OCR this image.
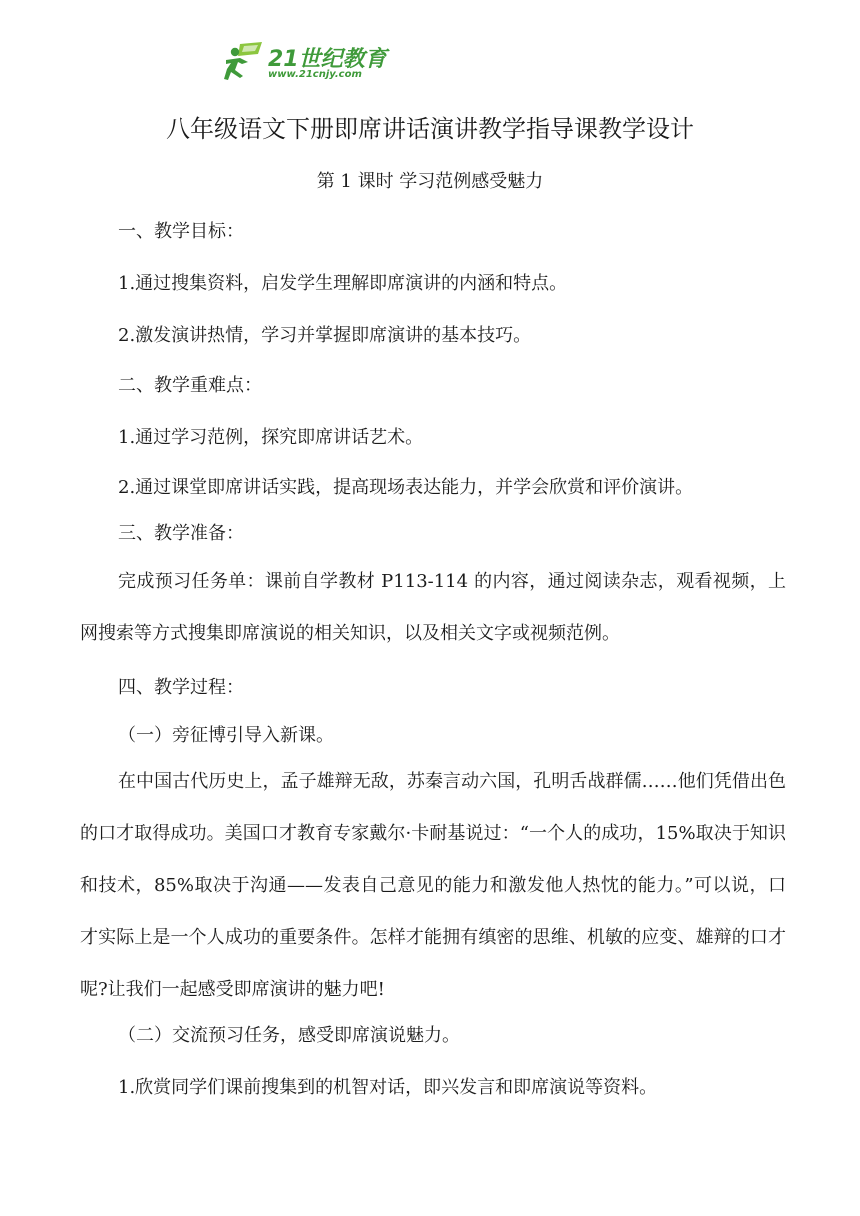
21世纪教育
www.21cnjy.com
八年级语文下册即席讲话演讲教学指导课教学设计
第 1 课时 学习范例感受魅力
一、教学目标：
1.通过搜集资料，启发学生理解即席演讲的内涵和特点。
2.激发演讲热情，学习并掌握即席演讲的基本技巧。
二、教学重难点：
1.通过学习范例，探究即席讲话艺术。
2.通过课堂即席讲话实践，提高现场表达能力，并学会欣赏和评价演讲。
三、教学准备：
完成预习任务单：课前自学教材 P113-114 的内容，通过阅读杂志，观看视频，上网搜索等方式搜集即席演说的相关知识，以及相关文字或视频范例。
四、教学过程：
（一）旁征博引导入新课。
在中国古代历史上，孟子雄辩无敌，苏秦言动六国，孔明舌战群儒……他们凭借出色的口才取得成功。美国口才教育专家戴尔·卡耐基说过：“一个人的成功，15%取决于知识和技术，85%取决于沟通——发表自己意见的能力和激发他人热忱的能力。”可以说，口才实际上是一个人成功的重要条件。怎样才能拥有缜密的思维、机敏的应变、雄辩的口才呢?让我们一起感受即席演讲的魅力吧!
（二）交流预习任务，感受即席演说魅力。
1.欣赏同学们课前搜集到的机智对话，即兴发言和即席演说等资料。
